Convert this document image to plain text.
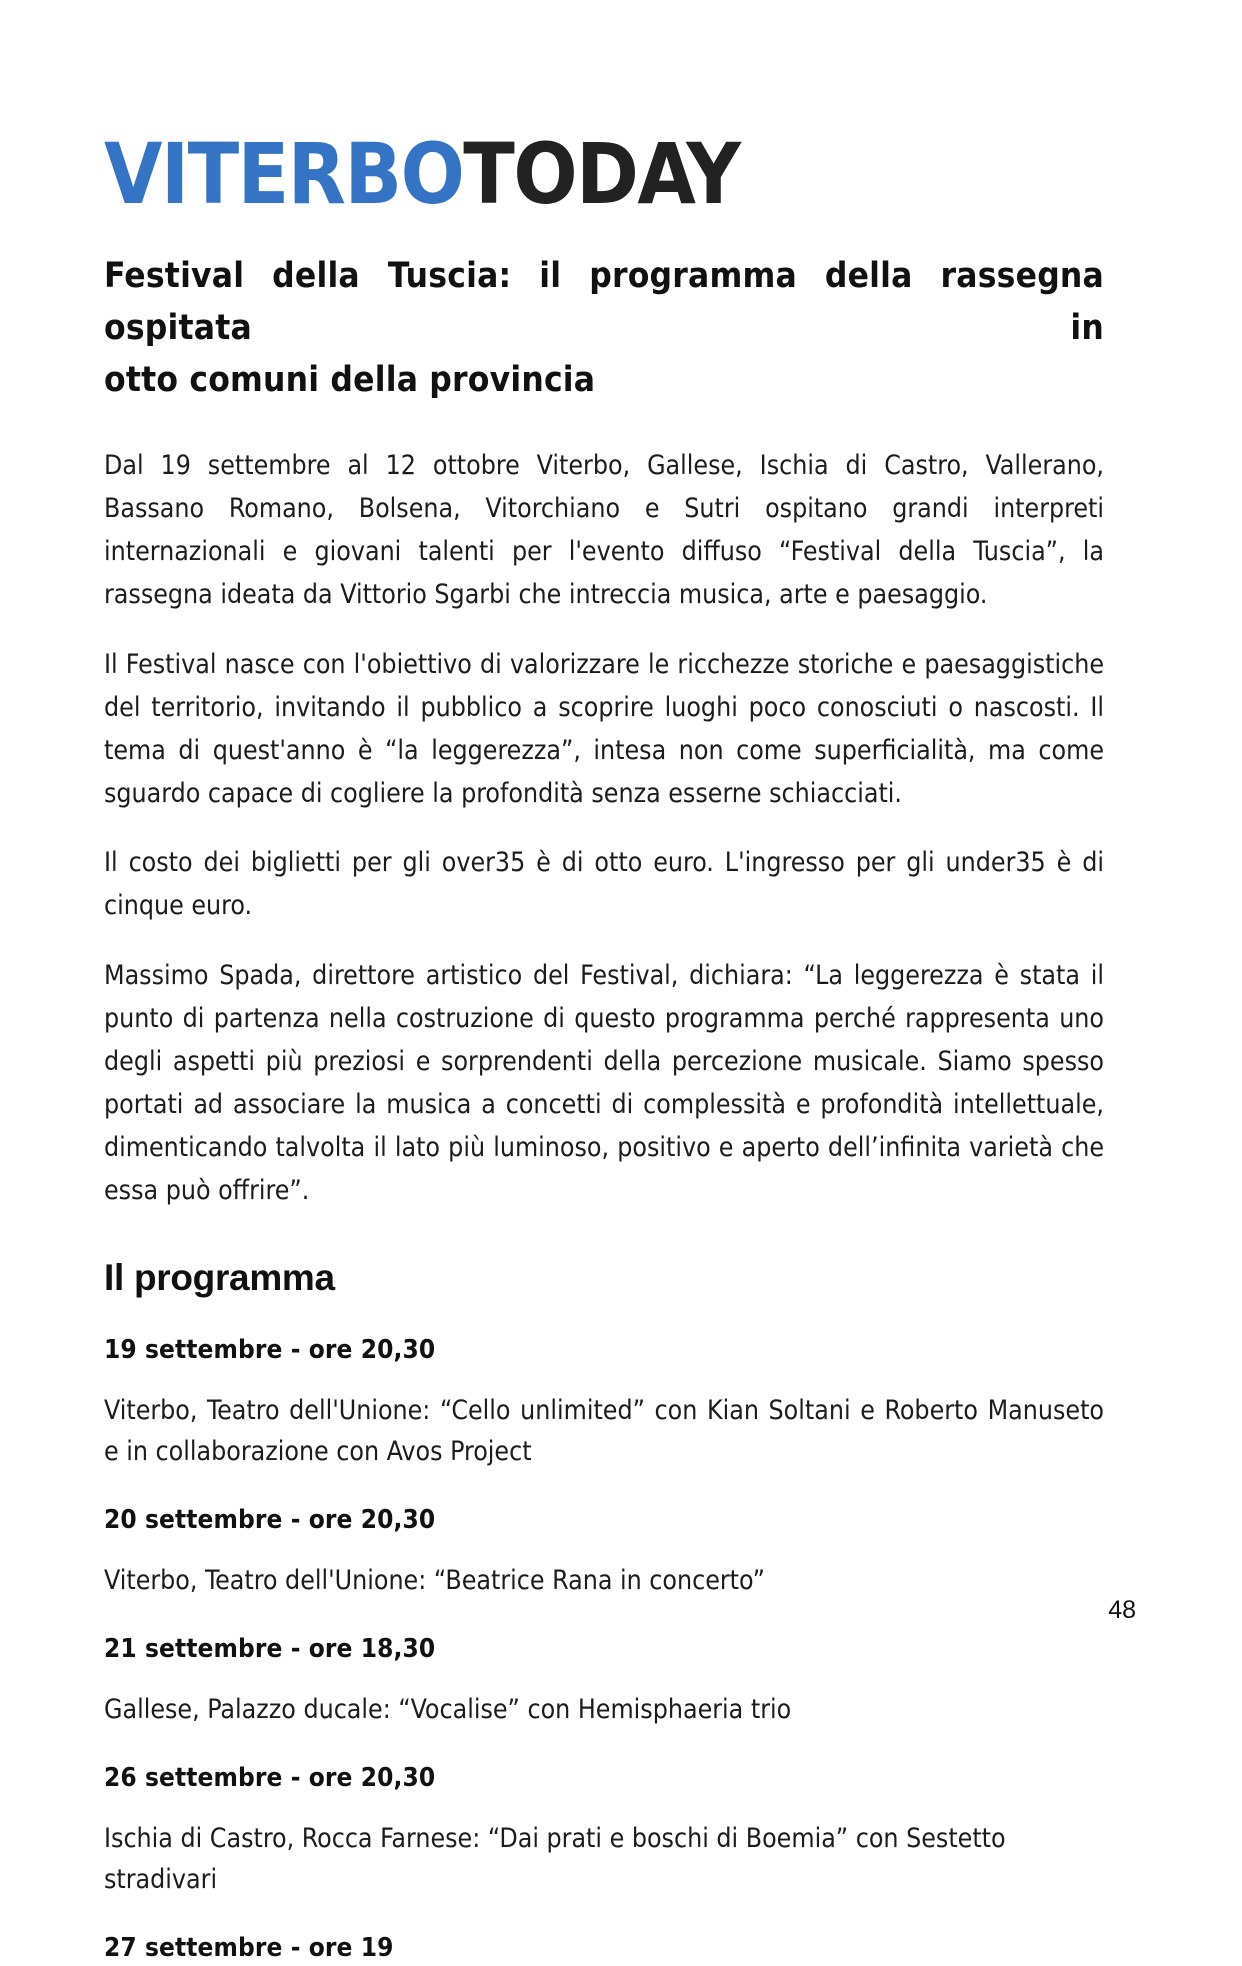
VITERBOTODAY
Festival della Tuscia: il programma della rassegna ospitata in
otto comuni della provincia

Dal 19 settembre al 12 ottobre Viterbo, Gallese, Ischia di Castro, Vallerano, Bassano Romano, Bolsena, Vitorchiano e Sutri ospitano grandi interpreti internazionali e giovani talenti per l'evento diffuso “Festival della Tuscia”, la rassegna ideata da Vittorio Sgarbi che intreccia musica, arte e paesaggio.

Il Festival nasce con l'obiettivo di valorizzare le ricchezze storiche e paesaggistiche del territorio, invitando il pubblico a scoprire luoghi poco conosciuti o nascosti. Il tema di quest'anno è “la leggerezza”, intesa non come superficialità, ma come sguardo capace di cogliere la profondità senza esserne schiacciati.

Il costo dei biglietti per gli over35 è di otto euro. L'ingresso per gli under35 è di cinque euro.

Massimo Spada, direttore artistico del Festival, dichiara: “La leggerezza è stata il punto di partenza nella costruzione di questo programma perché rappresenta uno degli aspetti più preziosi e sorprendenti della percezione musicale. Siamo spesso portati ad associare la musica a concetti di complessità e profondità intellettuale, dimenticando talvolta il lato più luminoso, positivo e aperto dell’infinita varietà che essa può offrire”.

Il programma
19 settembre - ore 20,30

Viterbo, Teatro dell'Unione: “Cello unlimited” con Kian Soltani e Roberto Manuseto e in collaborazione con Avos Project

20 settembre - ore 20,30

Viterbo, Teatro dell'Unione: “Beatrice Rana in concerto”

21 settembre - ore 18,30

Gallese, Palazzo ducale: “Vocalise” con Hemisphaeria trio

26 settembre - ore 20,30

Ischia di Castro, Rocca Farnese: “Dai prati e boschi di Boemia” con Sestetto stradivari

27 settembre - ore 19
48
